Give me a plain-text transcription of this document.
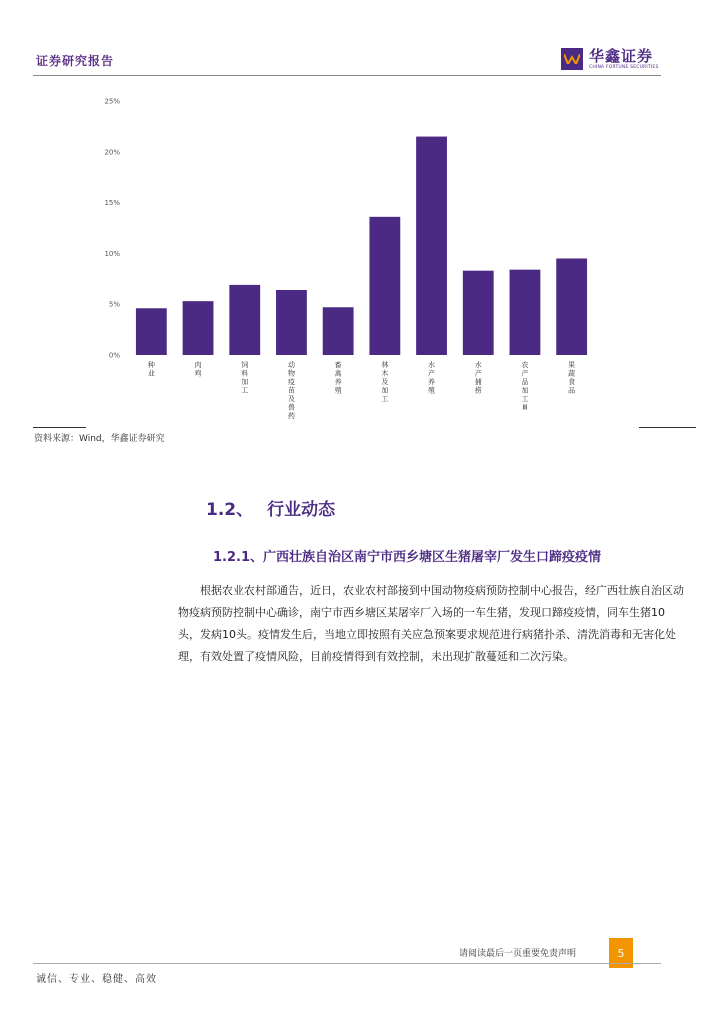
证券研究报告	华鑫证券
CHINA FORTUNE SECURITIES
0%
5%
10%
15%
20%
25%
种业
肉鸡
饲料加工
动物疫苗及兽药
畜禽养殖
林木及加工
水产养殖
水产捕捞
农产品加工 Ⅲ
果蔬食品
资料来源：Wind，华鑫证券研究
1.2、 行业动态
1.2.1、广西壮族自治区南宁市西乡塘区生猪屠宰厂发生口蹄疫疫情

根据农业农村部通告，近日，农业农村部接到中国动物疫病预防控制中心报告，经广西壮族自治区动物疫病预防控制中心确诊，南宁市西乡塘区某屠宰厂入场的一车生猪，发现口蹄疫疫情，同车生猪10头，发病10头。疫情发生后，当地立即按照有关应急预案要求规范进行病猪扑杀、清洗消毒和无害化处理，有效处置了疫情风险，目前疫情得到有效控制，未出现扩散蔓延和二次污染。

请阅读最后一页重要免责声明	5
诚信、专业、稳健、高效
